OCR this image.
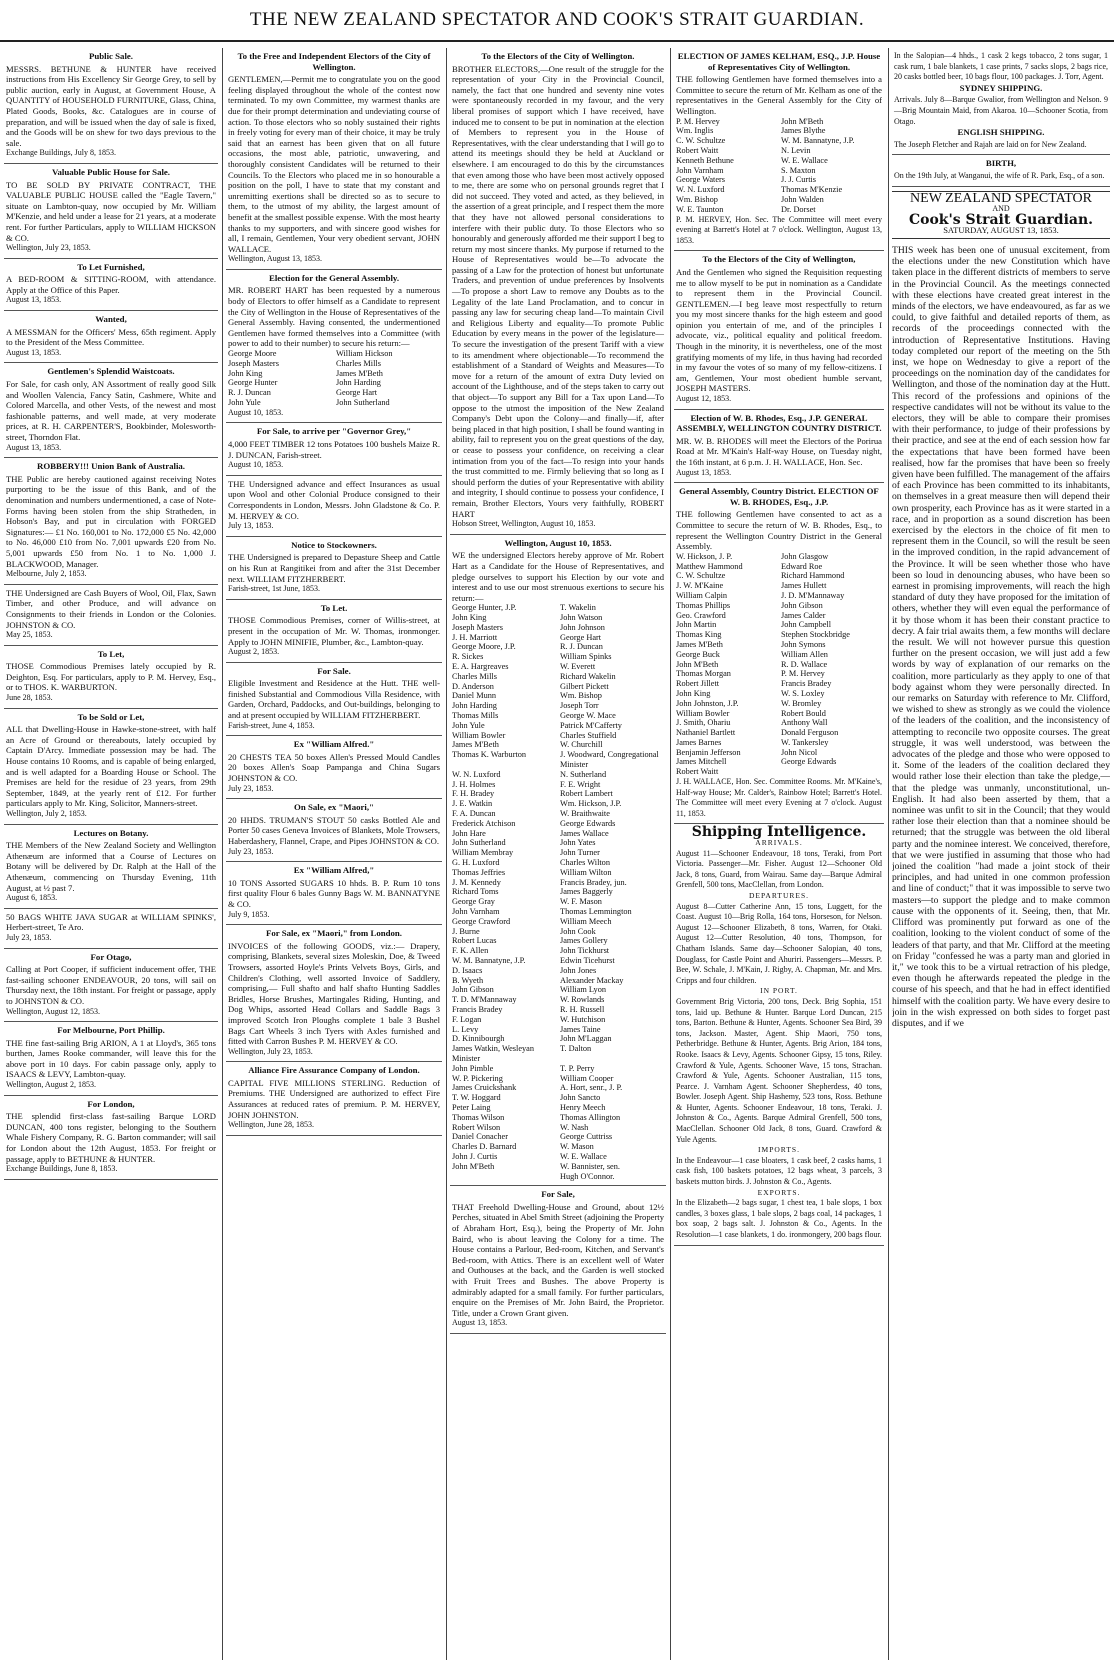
THE NEW ZEALAND SPECTATOR AND COOK'S STRAIT GUARDIAN.
Public Sale.

MESSRS. BETHUNE & HUNTER have received instructions from His Excellency Sir George Grey, to sell by public auction, early in August, at Government House, A QUANTITY of HOUSEHOLD FURNITURE, Glass, China, Plated Goods, Books, &c. Catalogues are in course of preparation, and will be issued when the day of sale is fixed, and the Goods will be on shew for two days previous to the sale.

Exchange Buildings, July 8, 1853.

Valuable Public House for Sale.

TO BE SOLD BY PRIVATE CONTRACT, THE VALUABLE PUBLIC HOUSE called the "Eagle Tavern," situate on Lambton-quay, now occupied by Mr. William M'Kenzie, and held under a lease for 21 years, at a moderate rent. For further Particulars, apply to WILLIAM HICKSON & CO.

Wellington, July 23, 1853.

To Let Furnished,

A BED-ROOM & SITTING-ROOM, with attendance. Apply at the Office of this Paper.

August 13, 1853.

Wanted,

A MESSMAN for the Officers' Mess, 65th regiment. Apply to the President of the Mess Committee.

August 13, 1853.

Gentlemen's Splendid Waistcoats.

For Sale, for cash only, AN Assortment of really good Silk and Woollen Valencia, Fancy Satin, Cashmere, White and Colored Marcella, and other Vests, of the newest and most fashionable patterns, and well made, at very moderate prices, at R. H. CARPENTER'S, Bookbinder, Molesworth-street, Thorndon Flat.

August 13, 1853.

ROBBERY!!! Union Bank of Australia.

THE Public are hereby cautioned against receiving Notes purporting to be the issue of this Bank, and of the denomination and numbers undermentioned, a case of Note-Forms having been stolen from the ship Stratheden, in Hobson's Bay, and put in circulation with FORGED Signatures:— £1 No. 160,001 to No. 172,000 £5 No. 42,000 to No. 46,000 £10 from No. 7,001 upwards £20 from No. 5,001 upwards £50 from No. 1 to No. 1,000 J. BLACKWOOD, Manager.

Melbourne, July 2, 1853.

THE Undersigned are Cash Buyers of Wool, Oil, Flax, Sawn Timber, and other Produce, and will advance on Consignments to their friends in London or the Colonies. JOHNSTON & CO.

May 25, 1853.

To Let,

THOSE Commodious Premises lately occupied by R. Deighton, Esq. For particulars, apply to P. M. Hervey, Esq., or to THOS. K. WARBURTON.

June 28, 1853.

To be Sold or Let,

ALL that Dwelling-House in Hawke-stone-street, with half an Acre of Ground or thereabouts, lately occupied by Captain D'Arcy. Immediate possession may be had. The House contains 10 Rooms, and is capable of being enlarged, and is well adapted for a Boarding House or School. The Premises are held for the residue of 23 years, from 29th September, 1849, at the yearly rent of £12. For further particulars apply to Mr. King, Solicitor, Manners-street.

Wellington, July 2, 1853.

Lectures on Botany.

THE Members of the New Zealand Society and Wellington Athenæum are informed that a Course of Lectures on Botany will be delivered by Dr. Ralph at the Hall of the Athenæum, commencing on Thursday Evening, 11th August, at ½ past 7.

August 6, 1853.

50 BAGS WHITE JAVA SUGAR at WILLIAM SPINKS', Herbert-street, Te Aro.

July 23, 1853.

For Otago,

Calling at Port Cooper, if sufficient inducement offer, THE fast-sailing schooner ENDEAVOUR, 20 tons, will sail on Thursday next, the 18th instant. For freight or passage, apply to JOHNSTON & CO.

Wellington, August 12, 1853.

For Melbourne, Port Phillip.

THE fine fast-sailing Brig ARION, A 1 at Lloyd's, 365 tons burthen, James Rooke commander, will leave this for the above port in 10 days. For cabin passage only, apply to ISAACS & LEVY, Lambton-quay.

Wellington, August 2, 1853.

For London,

THE splendid first-class fast-sailing Barque LORD DUNCAN, 400 tons register, belonging to the Southern Whale Fishery Company, R. G. Barton commander; will sail for London about the 12th August, 1853. For freight or passage, apply to BETHUNE & HUNTER.

Exchange Buildings, June 8, 1853.

To the Free and Independent Electors of the City of Wellington.

GENTLEMEN,—Permit me to congratulate you on the good feeling displayed throughout the whole of the contest now terminated. To my own Committee, my warmest thanks are due for their prompt determination and undeviating course of action. To those electors who so nobly sustained their rights in freely voting for every man of their choice, it may be truly said that an earnest has been given that on all future occasions, the most able, patriotic, unwavering, and thoroughly consistent Candidates will be returned to their Councils. To the Electors who placed me in so honourable a position on the poll, I have to state that my constant and unremitting exertions shall be directed so as to secure to them, to the utmost of my ability, the largest amount of benefit at the smallest possible expense. With the most hearty thanks to my supporters, and with sincere good wishes for all, I remain, Gentlemen, Your very obedient servant, JOHN WALLACE.

Wellington, August 13, 1853.

Election for the General Assembly.

MR. ROBERT HART has been requested by a numerous body of Electors to offer himself as a Candidate to represent the City of Wellington in the House of Representatives of the General Assembly. Having consented, the undermentioned Gentlemen have formed themselves into a Committee (with power to add to their number) to secure his return:—

George Moore	William Hickson
Joseph Masters	Charles Mills
John King	James M'Beth
George Hunter	John Harding
R. J. Duncan	George Hart
John Yule	John Sutherland

August 10, 1853.

For Sale, to arrive per "Governor Grey,"

4,000 FEET TIMBER 12 tons Potatoes 100 bushels Maize R. J. DUNCAN, Farish-street.

August 10, 1853.

THE Undersigned advance and effect Insurances as usual upon Wool and other Colonial Produce consigned to their Correspondents in London, Messrs. John Gladstone & Co. P. M. HERVEY & CO.

July 13, 1853.

Notice to Stockowners.

THE Undersigned is prepared to Depasture Sheep and Cattle on his Run at Rangitikei from and after the 31st December next. WILLIAM FITZHERBERT.

Farish-street, 1st June, 1853.

To Let.

THOSE Commodious Premises, corner of Willis-street, at present in the occupation of Mr. W. Thomas, ironmonger. Apply to JOHN MINIFIE, Plumber, &c., Lambton-quay.

August 2, 1853.

For Sale.

Eligible Investment and Residence at the Hutt. THE well-finished Substantial and Commodious Villa Residence, with Garden, Orchard, Paddocks, and Out-buildings, belonging to and at present occupied by WILLIAM FITZHERBERT.

Farish-street, June 4, 1853.

Ex "William Alfred."

20 CHESTS TEA 50 boxes Allen's Pressed Mould Candles 20 boxes Allen's Soap Pampanga and China Sugars JOHNSTON & CO.

July 23, 1853.

On Sale, ex "Maori,"

20 HHDS. TRUMAN'S STOUT 50 casks Bottled Ale and Porter 50 cases Geneva Invoices of Blankets, Mole Trowsers, Haberdashery, Flannel, Crape, and Pipes JOHNSTON & CO.

July 23, 1853.

Ex "William Alfred,"

10 TONS Assorted SUGARS 10 hhds. B. P. Rum 10 tons first quality Flour 6 bales Gunny Bags W. M. BANNATYNE & CO.

July 9, 1853.

For Sale, ex "Maori," from London.

INVOICES of the following GOODS, viz.:— Drapery, comprising, Blankets, several sizes Moleskin, Doe, & Tweed Trowsers, assorted Hoyle's Prints Velvets Boys, Girls, and Children's Clothing, well assorted Invoice of Saddlery, comprising,— Full shafto and half shafto Hunting Saddles Bridles, Horse Brushes, Martingales Riding, Hunting, and Dog Whips, assorted Head Collars and Saddle Bags 3 improved Scotch Iron Ploughs complete 1 bale 3 Bushel Bags Cart Wheels 3 inch Tyers with Axles furnished and fitted with Carron Bushes P. M. HERVEY & CO.

Wellington, July 23, 1853.

Alliance Fire Assurance Company of London.

CAPITAL FIVE MILLIONS STERLING. Reduction of Premiums. THE Undersigned are authorized to effect Fire Assurances at reduced rates of premium. P. M. HERVEY, JOHN JOHNSTON.

Wellington, June 28, 1853.

To the Electors of the City of Wellington.

BROTHER ELECTORS,—One result of the struggle for the representation of your City in the Provincial Council, namely, the fact that one hundred and seventy nine votes were spontaneously recorded in my favour, and the very liberal promises of support which I have received, have induced me to consent to be put in nomination at the election of Members to represent you in the House of Representatives, with the clear understanding that I will go to attend its meetings should they be held at Auckland or elsewhere. I am encouraged to do this by the circumstances that even among those who have been most actively opposed to me, there are some who on personal grounds regret that I did not succeed. They voted and acted, as they believed, in the assertion of a great principle, and I respect them the more that they have not allowed personal considerations to interfere with their public duty. To those Electors who so honourably and generously afforded me their support I beg to return my most sincere thanks. My purpose if returned to the House of Representatives would be—To advocate the passing of a Law for the protection of honest but unfortunate Traders, and prevention of undue preferences by Insolvents—To propose a short Law to remove any Doubts as to the Legality of the late Land Proclamation, and to concur in passing any law for securing cheap land—To maintain Civil and Religious Liberty and equality—To promote Public Education by every means in the power of the legislature—To secure the investigation of the present Tariff with a view to its amendment where objectionable—To recommend the establishment of a Standard of Weights and Measures—To move for a return of the amount of extra Duty levied on account of the Lighthouse, and of the steps taken to carry out that object—To support any Bill for a Tax upon Land—To oppose to the utmost the imposition of the New Zealand Company's Debt upon the Colony—and finally—if, after being placed in that high position, I shall be found wanting in ability, fail to represent you on the great questions of the day, or cease to possess your confidence, on receiving a clear intimation from you of the fact—To resign into your hands the trust committed to me. Firmly believing that so long as I should perform the duties of your Representative with ability and integrity, I should continue to possess your confidence, I remain, Brother Electors, Yours very faithfully, ROBERT HART

Hobson Street, Wellington, August 10, 1853.

Wellington, August 10, 1853.

WE the undersigned Electors hereby approve of Mr. Robert Hart as a Candidate for the House of Representatives, and pledge ourselves to support his Election by our vote and interest and to use our most strenuous exertions to secure his return:—

George Hunter, J.P.	T. Wakelin
John King	John Watson
Joseph Masters	John Johnson
J. H. Marriott	George Hart
George Moore, J.P.	R. J. Duncan
R. Sickes	William Spinks
E. A. Hargreaves	W. Everett
Charles Mills	Richard Wakelin
D. Anderson	Gilbert Pickett
Daniel Munn	Wm. Bishop
John Harding	Joseph Torr
Thomas Mills	George W. Mace
John Yule	Patrick M'Cafferty
William Bowler	Charles Stuffield
James M'Beth	W. Churchill
Thomas K. Warburton	J. Woodward, Congregational Minister
W. N. Luxford	N. Sutherland
J. H. Holmes	F. E. Wright
F. H. Bradey	Robert Lambert
J. E. Watkin	Wm. Hickson, J.P.
F. A. Duncan	W. Braithwaite
Frederick Atchison	George Edwards
John Hare	James Wallace
John Sutherland	John Yates
William Membray	John Turner
G. H. Luxford	Charles Wilton
Thomas Jeffries	William Wilton
J. M. Kennedy	Francis Bradey, jun.
Richard Toms	James Baggerly
George Gray	W. F. Mason
John Varnham	Thomas Lemmington
George Crawford	William Meech
J. Burne	John Cook
Robert Lucas	James Gollery
F. K. Allen	John Tickhurst
W. M. Bannatyne, J.P.	Edwin Ticehurst
D. Isaacs	John Jones
B. Wyeth	Alexander Mackay
John Gibson	William Lyon
T. D. M'Mannaway	W. Rowlands
Francis Bradey	R. H. Russell
F. Logan	W. Hutchison
L. Levy	James Taine
D. Kinnibourgh	John M'Laggan
James Watkin, Wesleyan Minister
T. Dalton
John Pimble	T. P. Perry
W. P. Pickering	William Cooper
James Cruickshank	A. Hort, senr., J. P.
T. W. Hoggard	John Sancto
Peter Laing	Henry Meech
Thomas Wilson	Thomas Allington
Robert Wilson	W. Nash
Daniel Conacher	George Cuttriss
Charles D. Barnard	W. Mason
John J. Curtis	W. E. Wallace
John M'Beth	W. Bannister, sen.
Hugh O'Connor.
For Sale,

THAT Freehold Dwelling-House and Ground, about 12½ Perches, situated in Abel Smith Street (adjoining the Property of Abraham Hort, Esq.), being the Property of Mr. John Baird, who is about leaving the Colony for a time. The House contains a Parlour, Bed-room, Kitchen, and Servant's Bed-room, with Attics. There is an excellent well of Water and Outhouses at the back, and the Garden is well stocked with Fruit Trees and Bushes. The above Property is admirably adapted for a small family. For further particulars, enquire on the Premises of Mr. John Baird, the Proprietor. Title, under a Crown Grant given.

August 13, 1853.

ELECTION OF JAMES KELHAM, ESQ., J.P. House of Representatives City of Wellington.

THE following Gentlemen have formed themselves into a Committee to secure the return of Mr. Kelham as one of the representatives in the General Assembly for the City of Wellington.

P. M. Hervey	John M'Beth
Wm. Inglis	James Blythe
C. W. Schultze	W. M. Bannatyne, J.P.
Robert Waitt	N. Levin
Kenneth Bethune	W. E. Wallace
John Varnham	S. Maxton
George Waters	J. J. Curtis
W. N. Luxford	Thomas M'Kenzie
Wm. Bishop	John Walden
W. E. Taunton	Dr. Dorset

P. M. HERVEY, Hon. Sec. The Committee will meet every evening at Barrett's Hotel at 7 o'clock. Wellington, August 13, 1853.

To the Electors of the City of Wellington,

And the Gentlemen who signed the Requisition requesting me to allow myself to be put in nomination as a Candidate to represent them in the Provincial Council. GENTLEMEN.—I beg leave most respectfully to return you my most sincere thanks for the high esteem and good opinion you entertain of me, and of the principles I advocate, viz., political equality and political freedom. Though in the minority, it is nevertheless, one of the most gratifying moments of my life, in thus having had recorded in my favour the votes of so many of my fellow-citizens. I am, Gentlemen, Your most obedient humble servant, JOSEPH MASTERS.

August 12, 1853.

Election of W. B. Rhodes, Esq., J.P. GENERAL ASSEMBLY, WELLINGTON COUNTRY DISTRICT.

MR. W. B. RHODES will meet the Electors of the Porirua Road at Mr. M'Kain's Half-way House, on Tuesday night, the 16th instant, at 6 p.m. J. H. WALLACE, Hon. Sec.

August 13, 1853.

General Assembly, Country District. ELECTION OF W. B. RHODES, Esq., J.P.

THE following Gentlemen have consented to act as a Committee to secure the return of W. B. Rhodes, Esq., to represent the Wellington Country District in the General Assembly.

W. Hickson, J. P.	John Glasgow
Matthew Hammond	Edward Roe
C. W. Schultze	Richard Hammond
J. W. M'Kaine	James Hullett
William Calpin	J. D. M'Mannaway
Thomas Phillips	John Gibson
Geo. Crawford	James Calder
John Martin	John Campbell
Thomas King	Stephen Stockbridge
James M'Beth	John Symons
George Buck	William Allen
John M'Beth	R. D. Wallace
Thomas Morgan	P. M. Hervey
Robert Jillett	Francis Bradey
John King	W. S. Loxley
John Johnston, J.P.	W. Bromley
William Bowler	Robert Bould
J. Smith, Ohariu	Anthony Wall
Nathaniel Bartlett	Donald Ferguson
James Barnes	W. Tankersley
Benjamin Jefferson	John Nicol
James Mitchell	George Edwards
Robert Waitt

J. H. WALLACE, Hon. Sec. Committee Rooms. Mr. M'Kaine's, Half-way House; Mr. Calder's, Rainbow Hotel; Barrett's Hotel. The Committee will meet every Evening at 7 o'clock. August 11, 1853.

Shipping Intelligence.
ARRIVALS.

August 11—Schooner Endeavour, 18 tons, Teraki, from Port Victoria. Passenger—Mr. Fisher. August 12—Schooner Old Jack, 8 tons, Guard, from Wairau. Same day—Barque Admiral Grenfell, 500 tons, MacClellan, from London.

DEPARTURES.

August 8—Cutter Catherine Ann, 15 tons, Luggett, for the Coast. August 10—Brig Rolla, 164 tons, Horseson, for Nelson. August 12—Schooner Elizabeth, 8 tons, Warren, for Otaki. August 12—Cutter Resolution, 40 tons, Thompson, for Chatham Islands. Same day—Schooner Salopian, 40 tons, Douglass, for Castle Point and Ahuriri. Passengers—Messrs. P. Bee, W. Schale, J. M'Kain, J. Rigby, A. Chapman, Mr. and Mrs. Cripps and four children.

IN PORT.

Government Brig Victoria, 200 tons, Deck. Brig Sophia, 151 tons, laid up. Bethune & Hunter. Barque Lord Duncan, 215 tons, Barton. Bethune & Hunter, Agents. Schooner Sea Bird, 39 tons, Jackson. Master, Agent. Ship Maori, 750 tons, Petherbridge. Bethune & Hunter, Agents. Brig Arion, 184 tons, Rooke. Isaacs & Levy, Agents. Schooner Gipsy, 15 tons, Riley. Crawford & Yule, Agents. Schooner Wave, 15 tons, Strachan. Crawford & Yule, Agents. Schooner Australian, 115 tons, Pearce. J. Varnham Agent. Schooner Shepherdess, 40 tons, Bowler. Joseph Agent. Ship Hashemy, 523 tons, Ross. Bethune & Hunter, Agents. Schooner Endeavour, 18 tons, Teraki. J. Johnston & Co., Agents. Barque Admiral Grenfell, 500 tons, MacClellan. Schooner Old Jack, 8 tons, Guard. Crawford & Yule Agents.

IMPORTS.

In the Endeavour—1 case bloaters, 1 cask beef, 2 casks hams, 1 cask fish, 100 baskets potatoes, 12 bags wheat, 3 parcels, 3 baskets mutton birds. J. Johnston & Co., Agents.

EXPORTS.

In the Elizabeth—2 bags sugar, 1 chest tea, 1 bale slops, 1 box candles, 3 boxes glass, 1 bale slops, 2 bags coal, 14 packages, 1 box soap, 2 bags salt. J. Johnston & Co., Agents. In the Resolution—1 case blankets, 1 do. ironmongery, 200 bags flour.

In the Salopian—4 hhds., 1 cask 2 kegs tobacco, 2 tons sugar, 1 cask rum, 1 bale blankets, 1 case prints, 7 sacks slops, 2 bags rice, 20 casks bottled beer, 10 bags flour, 100 packages. J. Torr, Agent.

SYDNEY SHIPPING.

Arrivals. July 8—Barque Gwalior, from Wellington and Nelson. 9—Brig Mountain Maid, from Akaroa. 10—Schooner Scotia, from Otago.

ENGLISH SHIPPING.

The Joseph Fletcher and Rajah are laid on for New Zealand.

BIRTH,

On the 19th July, at Wanganui, the wife of R. Park, Esq., of a son.

NEW ZEALAND SPECTATOR
AND
Cook's Strait Guardian.
SATURDAY, AUGUST 13, 1853.
THIS week has been one of unusual excitement, from the elections under the new Constitution which have taken place in the different districts of members to serve in the Provincial Council. As the meetings connected with these elections have created great interest in the minds of the electors, we have endeavoured, as far as we could, to give faithful and detailed reports of them, as records of the proceedings connected with the introduction of Representative Institutions. Having today completed our report of the meeting on the 5th inst, we hope on Wednesday to give a report of the proceedings on the nomination day of the candidates for Wellington, and those of the nomination day at the Hutt. This record of the professions and opinions of the respective candidates will not be without its value to the electors, they will be able to compare their promises with their performance, to judge of their professions by their practice, and see at the end of each session how far the expectations that have been formed have been realised, how far the promises that have been so freely given have been fulfilled. The management of the affairs of each Province has been committed to its inhabitants, on themselves in a great measure then will depend their own prosperity, each Province has as it were started in a race, and in proportion as a sound discretion has been exercised by the electors in the choice of fit men to represent them in the Council, so will the result be seen in the improved condition, in the rapid advancement of the Province. It will be seen whether those who have been so loud in denouncing abuses, who have been so earnest in promising improvements, will reach the high standard of duty they have proposed for the imitation of others, whether they will even equal the performance of it by those whom it has been their constant practice to decry. A fair trial awaits them, a few months will declare the result. We will not however pursue this question further on the present occasion, we will just add a few words by way of explanation of our remarks on the coalition, more particularly as they apply to one of that body against whom they were personally directed. In our remarks on Saturday with reference to Mr. Clifford, we wished to shew as strongly as we could the violence of the leaders of the coalition, and the inconsistency of attempting to reconcile two opposite courses. The great struggle, it was well understood, was between the advocates of the pledge and those who were opposed to it. Some of the leaders of the coalition declared they would rather lose their election than take the pledge,—that the pledge was unmanly, unconstitutional, un-English. It had also been asserted by them, that a nominee was unfit to sit in the Council; that they would rather lose their election than that a nominee should be returned; that the struggle was between the old liberal party and the nominee interest. We conceived, therefore, that we were justified in assuming that those who had joined the coalition "had made a joint stock of their principles, and had united in one common profession and line of conduct;" that it was impossible to serve two masters—to support the pledge and to make common cause with the opponents of it. Seeing, then, that Mr. Clifford was prominently put forward as one of the coalition, looking to the violent conduct of some of the leaders of that party, and that Mr. Clifford at the meeting on Friday "confessed he was a party man and gloried in it," we took this to be a virtual retraction of his pledge, even though he afterwards repeated the pledge in the course of his speech, and that he had in effect identified himself with the coalition party. We have every desire to join in the wish expressed on both sides to forget past disputes, and if we
